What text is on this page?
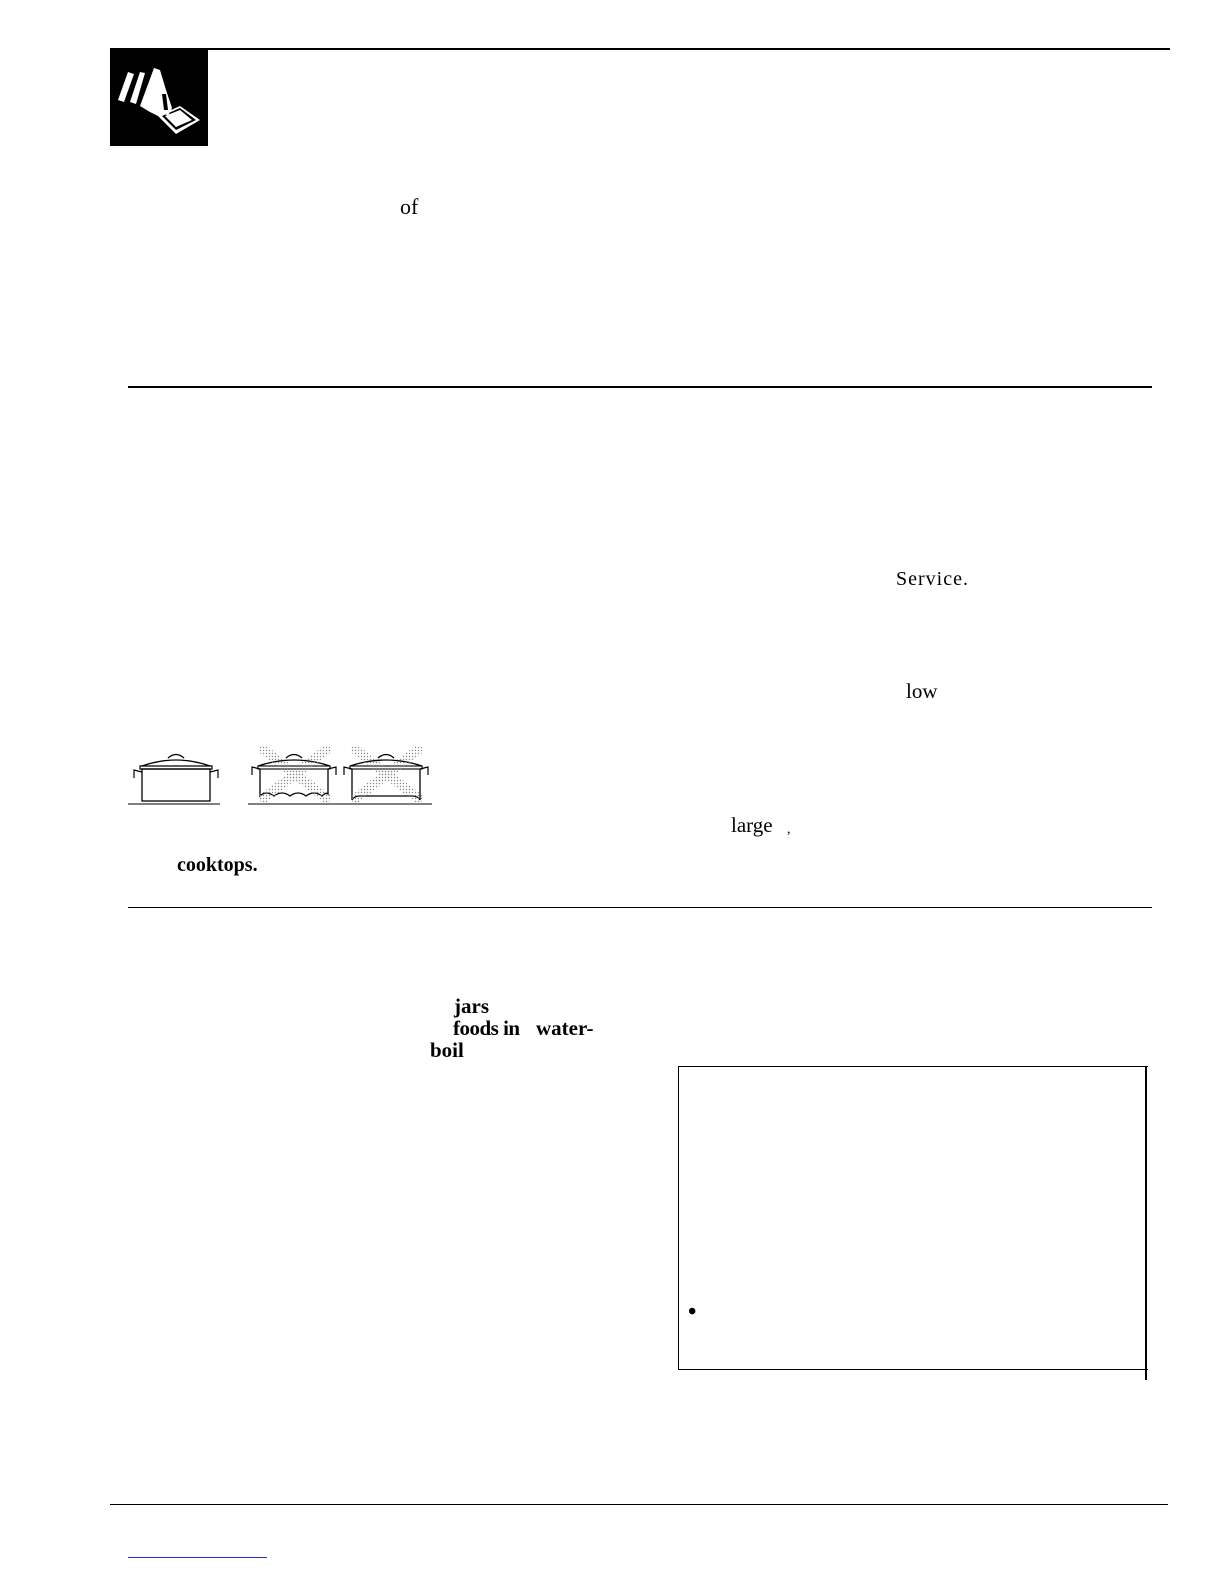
of
Service.
low
large ,
cooktops.
jars
foods in water-
boil
•
